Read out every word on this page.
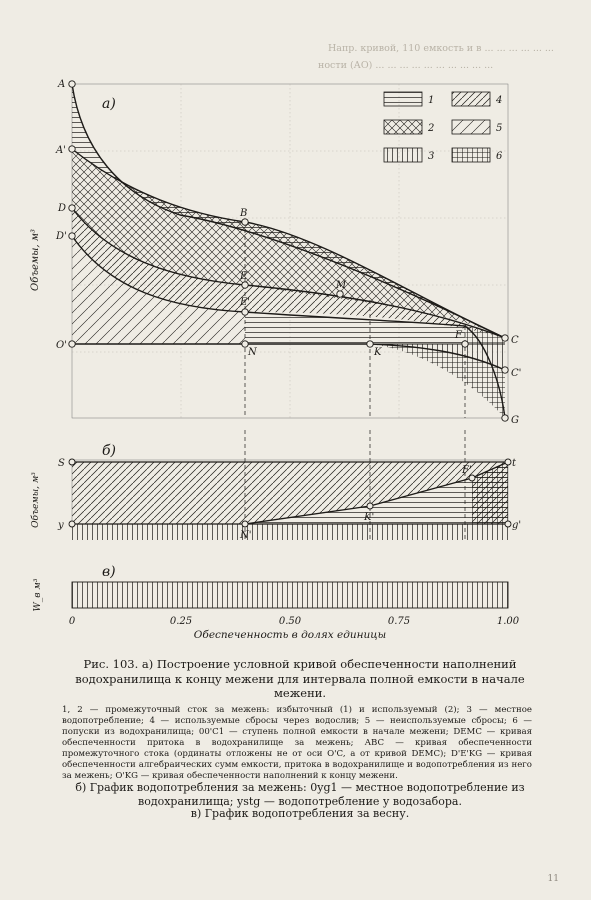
Напр. кривой, 110 емкость и в ... ... ... ... ... ...
ности (АО) ... ... ... ... ... ... ... ... ... ...
A
A'
D
D'
O'
B
E
E'
M
N	K
F	C
C'
G
а)
Объемы, м³
1
2
3
4
5
6
S
y
N'
K'
F'
t
g'
б)
Объемы, м³
в)
W_в м³
0	0.25	0.50	0.75	1.00
Обеспеченность в долях единицы
Рис. 103. а) Построение условной кривой обеспеченности наполнений водохранилища к концу межени для интервала полной емкости в начале межени.
1, 2 — промежуточный сток за межень: избыточный (1) и используемый (2); 3 — местное водопотребление; 4 — используемые сбросы через водослив; 5 — неиспользуемые сбросы; 6 — попуски из водохранилища; 00'C1 — ступень полной емкости в начале межени; DEMC — кривая обеспеченности притока в водохранилище за межень; ABC — кривая обеспеченности промежуточного стока (ординаты отложены не от оси O'C, а от кривой DEMC); D'E'KG — кривая обеспеченности алгебраических сумм емкости, притока в водохранилище и водопотребления из него за межень; O'KG — кривая обеспеченности наполнений к концу межени.
б) График водопотребления за межень: 0yg1 — местное водопотребление из водохранилища; ystg — водопотребление у водозабора.
в) График водопотребления за весну.
11
